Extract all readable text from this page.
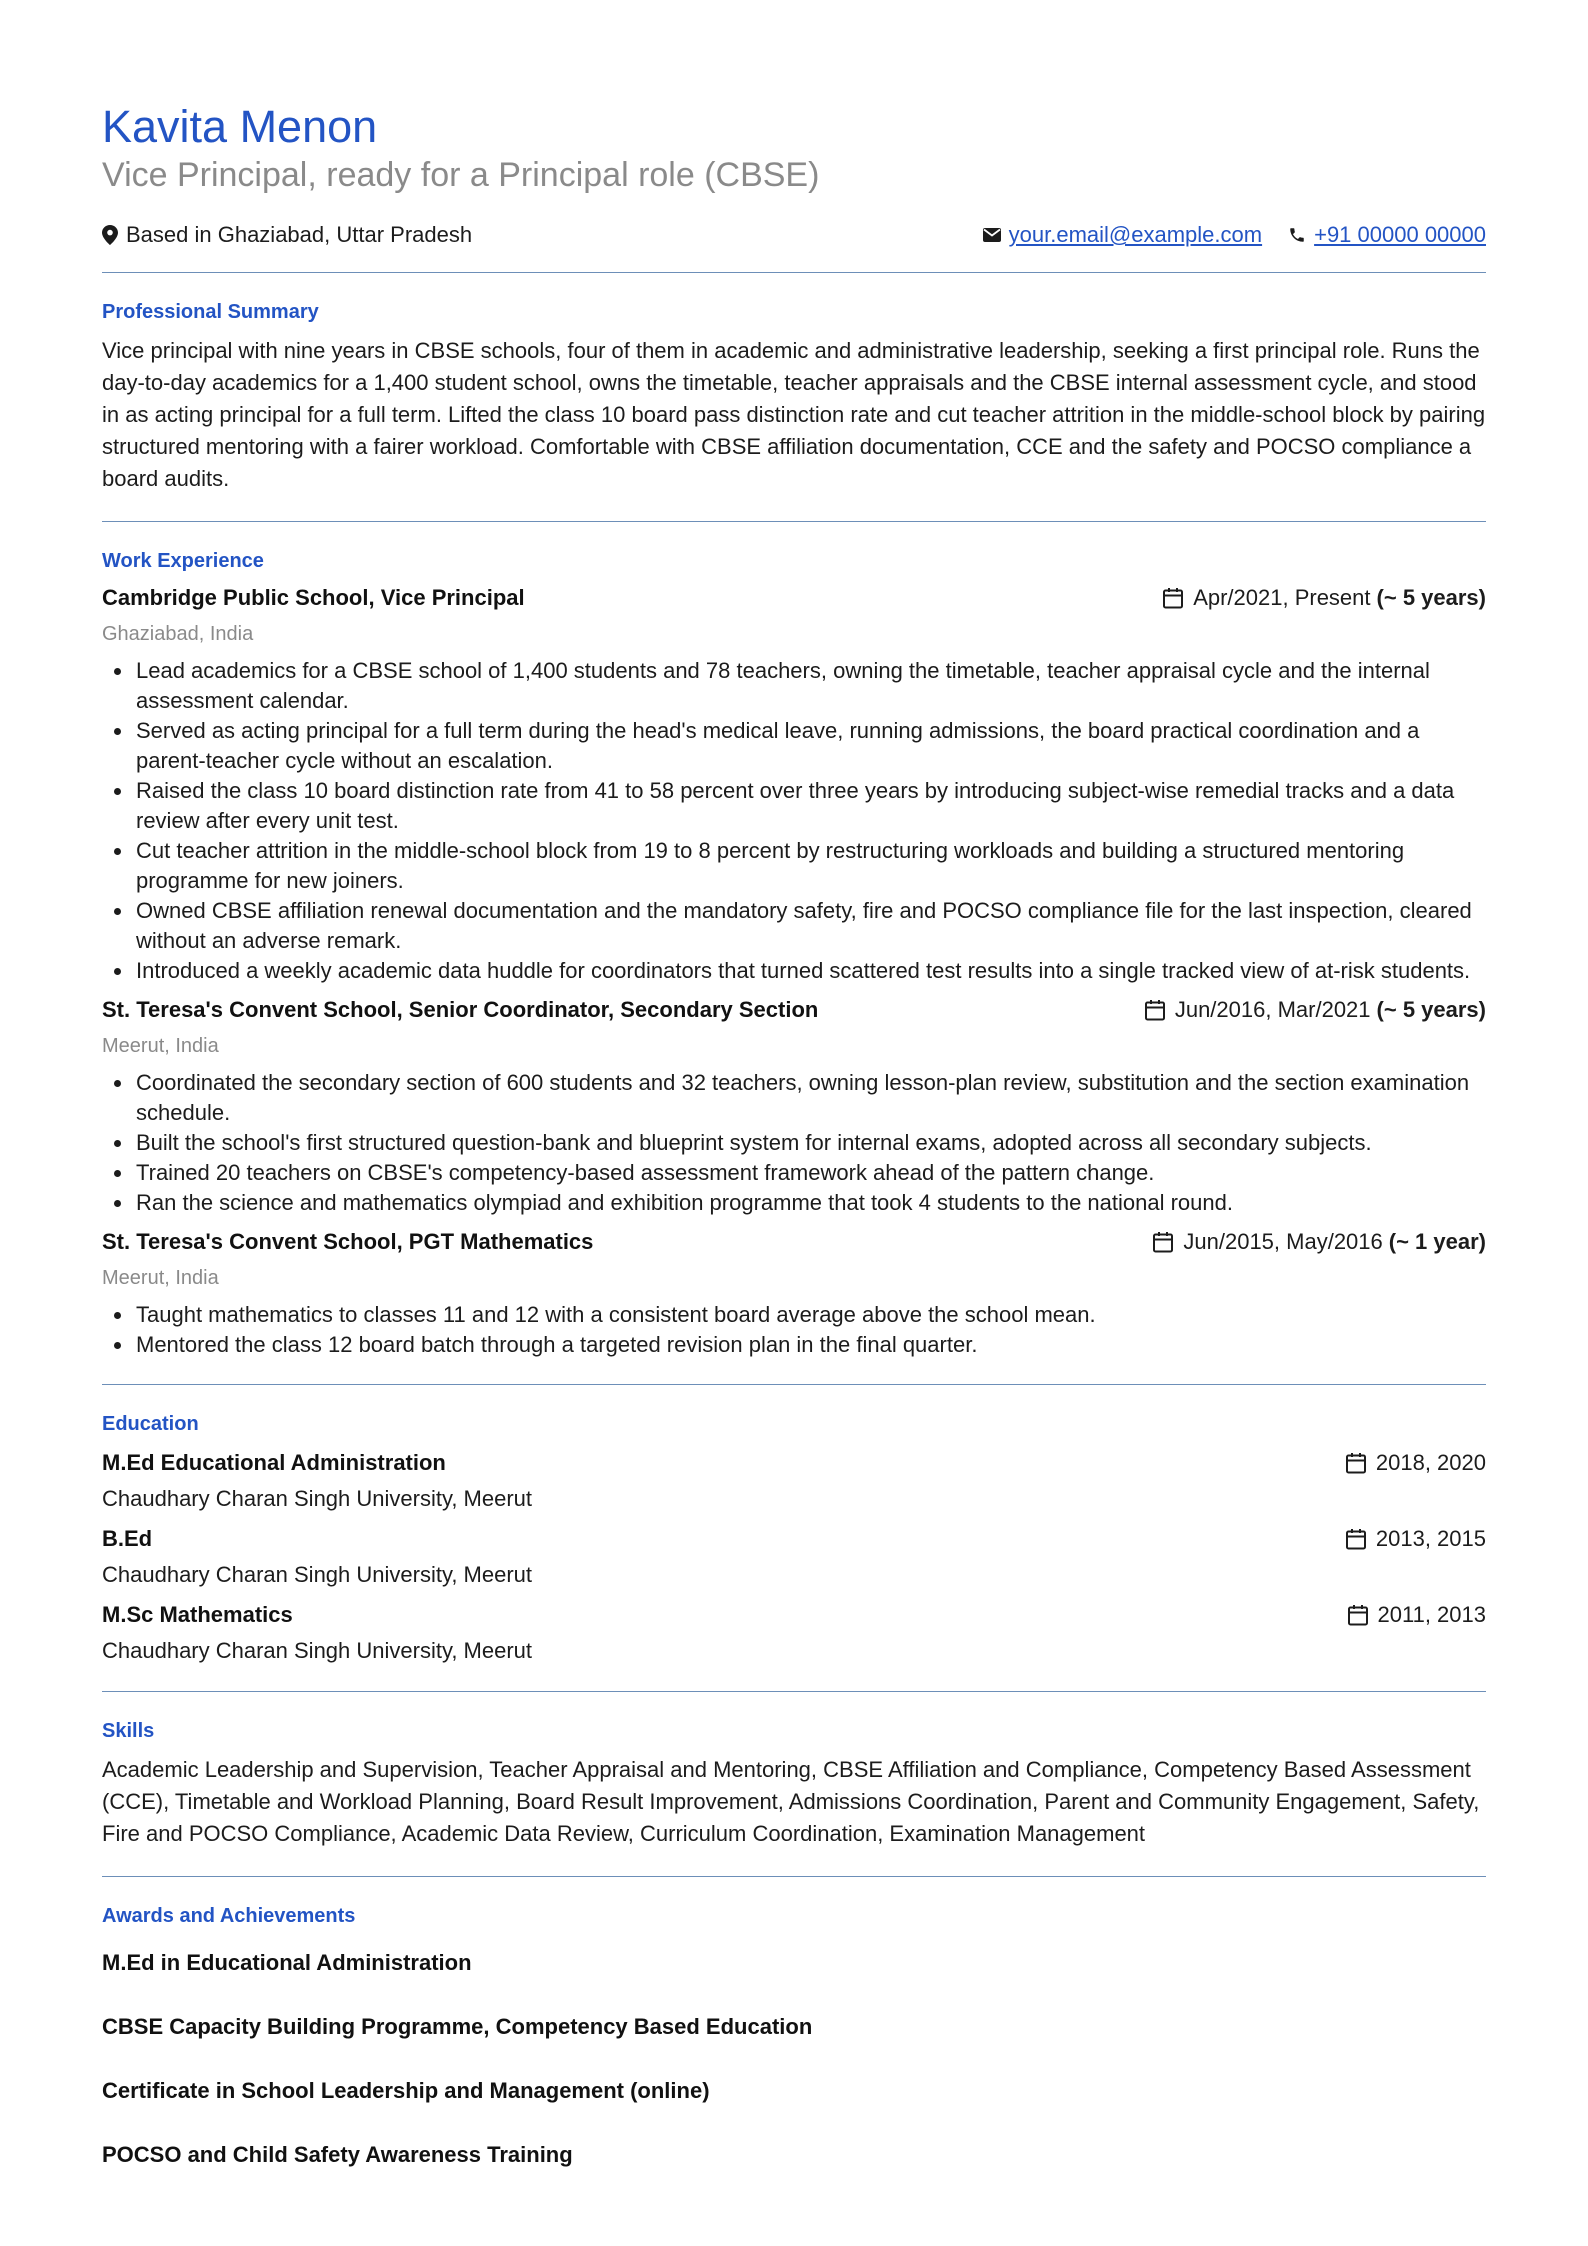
Kavita Menon
Vice Principal, ready for a Principal role (CBSE)
Based in Ghaziabad, Uttar Pradesh	your.email@example.com +91 00000 00000
Professional Summary

Vice principal with nine years in CBSE schools, four of them in academic and administrative leadership, seeking a first principal role. Runs the day-to-day academics for a 1,400 student school, owns the timetable, teacher appraisals and the CBSE internal assessment cycle, and stood in as acting principal for a full term. Lifted the class 10 board pass distinction rate and cut teacher attrition in the middle-school block by pairing structured mentoring with a fairer workload. Comfortable with CBSE affiliation documentation, CCE and the safety and POCSO compliance a board audits.

Work Experience
Cambridge Public School, Vice Principal	Apr/2021, Present (~ 5 years)
Ghaziabad, India
Lead academics for a CBSE school of 1,400 students and 78 teachers, owning the timetable, teacher appraisal cycle and the internal assessment calendar.
Served as acting principal for a full term during the head's medical leave, running admissions, the board practical coordination and a parent-teacher cycle without an escalation.
Raised the class 10 board distinction rate from 41 to 58 percent over three years by introducing subject-wise remedial tracks and a data review after every unit test.
Cut teacher attrition in the middle-school block from 19 to 8 percent by restructuring workloads and building a structured mentoring programme for new joiners.
Owned CBSE affiliation renewal documentation and the mandatory safety, fire and POCSO compliance file for the last inspection, cleared without an adverse remark.
Introduced a weekly academic data huddle for coordinators that turned scattered test results into a single tracked view of at-risk students.
St. Teresa's Convent School, Senior Coordinator, Secondary Section	Jun/2016, Mar/2021 (~ 5 years)
Meerut, India
Coordinated the secondary section of 600 students and 32 teachers, owning lesson-plan review, substitution and the section examination schedule.
Built the school's first structured question-bank and blueprint system for internal exams, adopted across all secondary subjects.
Trained 20 teachers on CBSE's competency-based assessment framework ahead of the pattern change.
Ran the science and mathematics olympiad and exhibition programme that took 4 students to the national round.
St. Teresa's Convent School, PGT Mathematics	Jun/2015, May/2016 (~ 1 year)
Meerut, India
Taught mathematics to classes 11 and 12 with a consistent board average above the school mean.
Mentored the class 12 board batch through a targeted revision plan in the final quarter.
Education
M.Ed Educational Administration	2018, 2020
Chaudhary Charan Singh University, Meerut
B.Ed	2013, 2015
Chaudhary Charan Singh University, Meerut
M.Sc Mathematics	2011, 2013
Chaudhary Charan Singh University, Meerut
Skills

Academic Leadership and Supervision, Teacher Appraisal and Mentoring, CBSE Affiliation and Compliance, Competency Based Assessment (CCE), Timetable and Workload Planning, Board Result Improvement, Admissions Coordination, Parent and Community Engagement, Safety, Fire and POCSO Compliance, Academic Data Review, Curriculum Coordination, Examination Management

Awards and Achievements
M.Ed in Educational Administration
CBSE Capacity Building Programme, Competency Based Education
Certificate in School Leadership and Management (online)
POCSO and Child Safety Awareness Training
